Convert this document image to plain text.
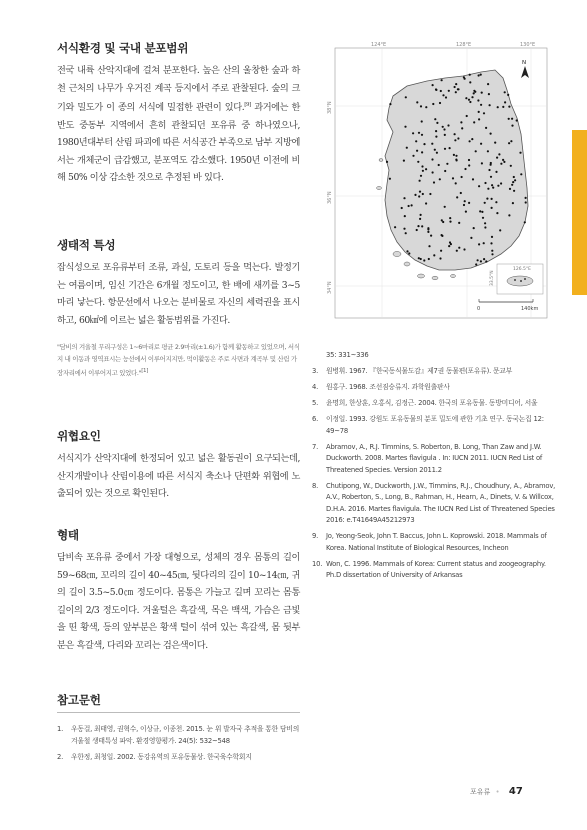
서식환경 및 국내 분포범위

전국 내륙 산악지대에 걸쳐 분포한다. 높은 산의 울창한 숲과 하천 근처의 나무가 우거진 계곡 등지에서 주로 관찰된다. 숲의 크기와 밀도가 이 종의 서식에 밀접한 관련이 있다.[9] 과거에는 한반도 중동부 지역에서 흔히 관찰되던 포유류 중 하나였으나, 1980년대부터 산림 파괴에 따른 서식공간 부족으로 남부 지방에서는 개체군이 급감했고, 분포역도 감소했다. 1950년 이전에 비해 50% 이상 감소한 것으로 추정된 바 있다.

생태적 특성

잡식성으로 포유류부터 조류, 과실, 도토리 등을 먹는다. 발정기는 여름이며, 임신 기간은 6개월 정도이고, 한 배에 새끼를 3~5마리 낳는다. 항문선에서 나오는 분비물로 자신의 세력권을 표시하고, 60㎢에 이르는 넓은 활동범위를 가진다.

"담비의 겨울철 무리구성은 1~6마리로 평균 2.9마리(±1.6)가 함께 활동하고 있었으며, 서식지 내 이동과 영역표시는 능선에서 이루어지지만, 먹이활동은 주로 사면과 계곡부 및 산림 가장자리에서 이루어지고 있었다."[1]

위협요인

서식지가 산악지대에 한정되어 있고 넓은 활동권이 요구되는데, 산지개발이나 산림이용에 따른 서식지 축소나 단편화 위협에 노출되어 있는 것으로 확인된다.

형태

담비속 포유류 중에서 가장 대형으로, 성체의 경우 몸통의 길이 59~68㎝, 꼬리의 길이 40~45㎝, 뒷다리의 길이 10~14㎝, 귀의 길이 3.5~5.0㎝ 정도이다. 몸통은 가늘고 길며 꼬리는 몸통 길이의 2/3 정도이다. 겨울털은 흑갈색, 목은 백색, 가슴은 금빛을 띤 황색, 등의 앞부분은 황색 털이 섞여 있는 흑갈색, 몸 뒷부분은 흑갈색, 다리와 꼬리는 검은색이다.

참고문헌
1.	우동걸, 최태영, 권혁수, 이상규, 이종천. 2015. 눈 위 발자국 추적을 통한 담비의 겨울철 생태특성 파악. 환경영향평가. 24(5): 532~548
2.	우한정, 최청일. 2002. 동강유역의 포유동물상. 한국육수학회지
124°E	128°E	130°E
38°N
36°N
34°N
N
126.5°E
33.5°N
0	140km
35: 331~336
3.	원병휘. 1967. 『한국동식물도감』제7권 동물편(포유류). 문교부
4.	원홍구. 1968. 조선짐승류지. 과학원출판사
5.	윤명희, 한상훈, 오홍식, 김정근. 2004. 한국의 포유동물. 동방미디어, 서울
6.	이정일. 1993. 강원도 포유동물의 분포 밀도에 관한 기초 연구. 동국논집 12: 49~78
7.	Abramov, A., R.J. Timmins, S. Roberton, B. Long, Than Zaw and J.W. Duckworth. 2008. Martes flavigula . In: IUCN 2011. IUCN Red List of Threatened Species. Version 2011.2
8.	Chutipong, W., Duckworth, J.W., Timmins, R.J., Choudhury, A., Abramov, A.V., Roberton, S., Long, B., Rahman, H., Hearn, A., Dinets, V. & Willcox, D.H.A. 2016. Martes flavigula. The IUCN Red List of Threatened Species 2016: e.T41649A45212973
9.	Jo, Yeong-Seok, John T. Baccus, John L. Koprowski. 2018. Mammals of Korea. National Institute of Biological Resources, Incheon
10. Won, C. 1996. Mammals of Korea: Current status and zoogeography. Ph.D dissertation of University of Arkansas
포유류 • 47
